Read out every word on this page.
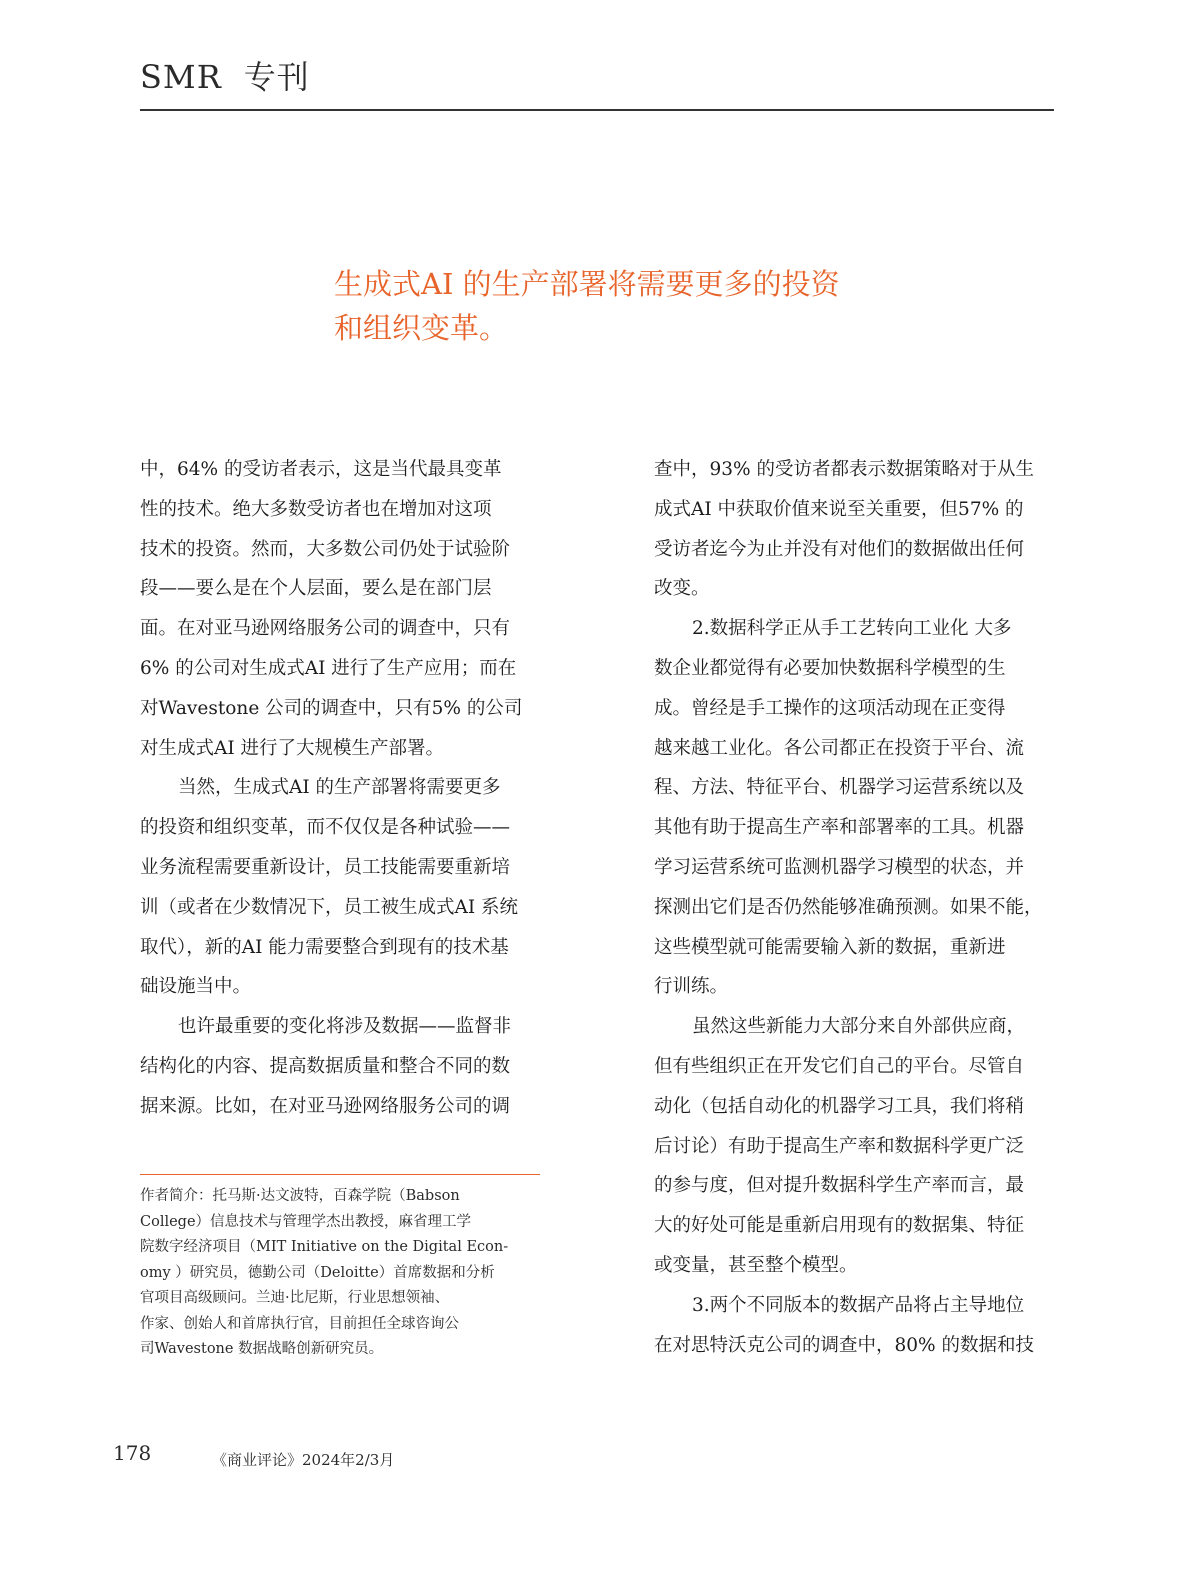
SMR 专刊
生成式AI 的生产部署将需要更多的投资
和组织变革。
中，64% 的受访者表示，这是当代最具变革
性的技术。绝大多数受访者也在增加对这项
技术的投资。然而，大多数公司仍处于试验阶
段——要么是在个人层面，要么是在部门层
面。在对亚马逊网络服务公司的调查中，只有
6% 的公司对生成式AI 进行了生产应用；而在
对Wavestone 公司的调查中，只有5% 的公司
对生成式AI 进行了大规模生产部署。
当然，生成式AI 的生产部署将需要更多
的投资和组织变革，而不仅仅是各种试验——
业务流程需要重新设计，员工技能需要重新培
训（或者在少数情况下，员工被生成式AI 系统
取代），新的AI 能力需要整合到现有的技术基
础设施当中。
也许最重要的变化将涉及数据——监督非
结构化的内容、提高数据质量和整合不同的数
据来源。比如，在对亚马逊网络服务公司的调
查中，93% 的受访者都表示数据策略对于从生
成式AI 中获取价值来说至关重要，但57% 的
受访者迄今为止并没有对他们的数据做出任何
改变。
2.数据科学正从手工艺转向工业化 大多
数企业都觉得有必要加快数据科学模型的生
成。曾经是手工操作的这项活动现在正变得
越来越工业化。各公司都正在投资于平台、流
程、方法、特征平台、机器学习运营系统以及
其他有助于提高生产率和部署率的工具。机器
学习运营系统可监测机器学习模型的状态，并
探测出它们是否仍然能够准确预测。如果不能，
这些模型就可能需要输入新的数据，重新进
行训练。
虽然这些新能力大部分来自外部供应商，
但有些组织正在开发它们自己的平台。尽管自
动化（包括自动化的机器学习工具，我们将稍
后讨论）有助于提高生产率和数据科学更广泛
的参与度，但对提升数据科学生产率而言，最
大的好处可能是重新启用现有的数据集、特征
或变量，甚至整个模型。
3.两个不同版本的数据产品将占主导地位
在对思特沃克公司的调查中，80% 的数据和技
作者简介：托马斯·达文波特，百森学院（Babson
College）信息技术与管理学杰出教授，麻省理工学
院数字经济项目（MIT Initiative on the Digital Econ-
omy ）研究员，德勤公司（Deloitte）首席数据和分析
官项目高级顾问。兰迪·比尼斯，行业思想领袖、
作家、创始人和首席执行官，目前担任全球咨询公
司Wavestone 数据战略创新研究员。
178	《商业评论》2024年2/3月
